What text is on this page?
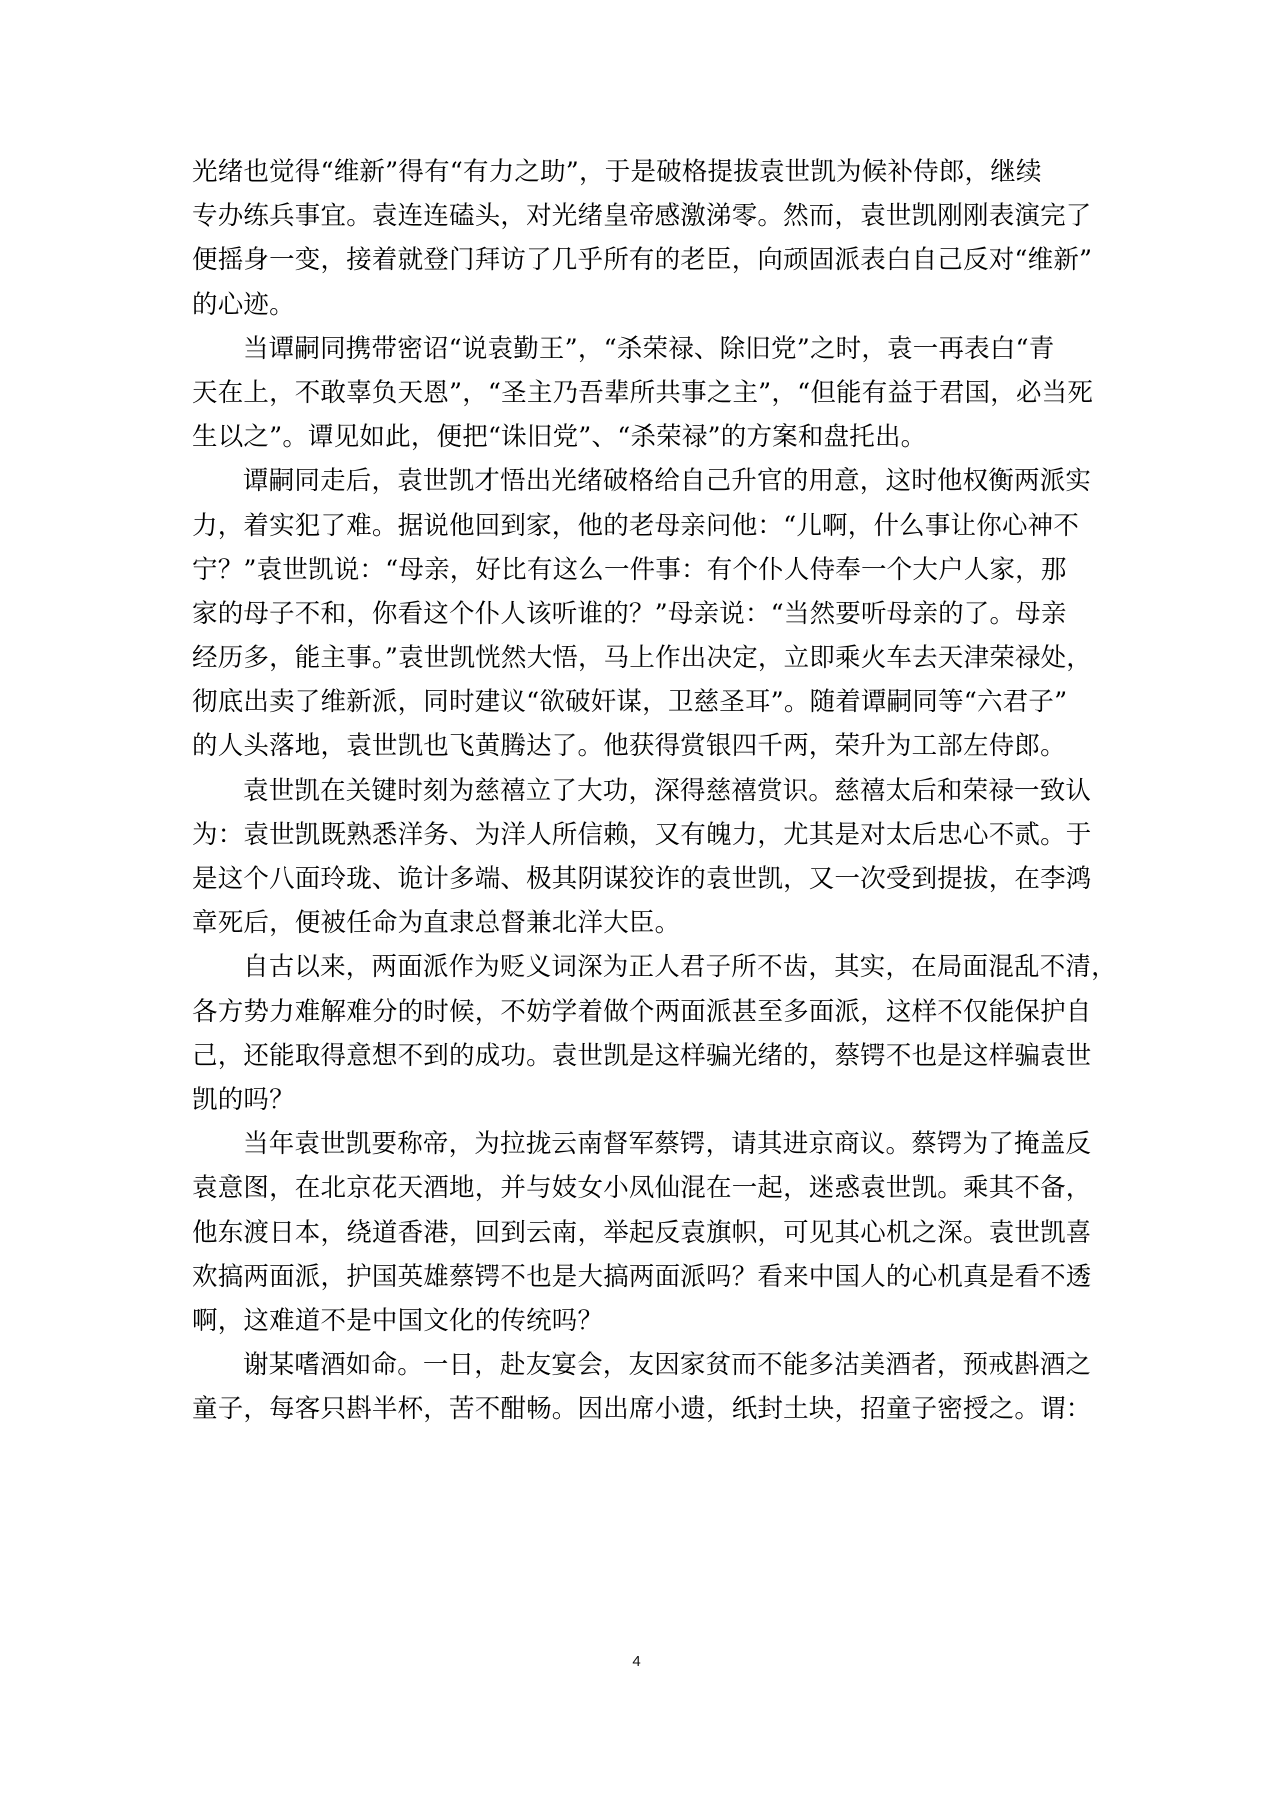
光绪也觉得“维新”得有“有力之助”，于是破格提拔袁世凯为候补侍郎，继续
专办练兵事宜。袁连连磕头，对光绪皇帝感激涕零。然而，袁世凯刚刚表演完了
便摇身一变，接着就登门拜访了几乎所有的老臣，向顽固派表白自己反对“维新”
的心迹。
当谭嗣同携带密诏“说袁勤王”，“杀荣禄、除旧党”之时，袁一再表白“青
天在上，不敢辜负天恩”，“圣主乃吾辈所共事之主”，“但能有益于君国，必当死
生以之”。谭见如此，便把“诛旧党”、“杀荣禄”的方案和盘托出。
谭嗣同走后，袁世凯才悟出光绪破格给自己升官的用意，这时他权衡两派实
力，着实犯了难。据说他回到家，他的老母亲问他：“儿啊，什么事让你心神不
宁？”袁世凯说：“母亲，好比有这么一件事：有个仆人侍奉一个大户人家，那
家的母子不和，你看这个仆人该听谁的？”母亲说：“当然要听母亲的了。母亲
经历多，能主事。”袁世凯恍然大悟，马上作出决定，立即乘火车去天津荣禄处，
彻底出卖了维新派，同时建议“欲破奸谋，卫慈圣耳”。随着谭嗣同等“六君子”
的人头落地，袁世凯也飞黄腾达了。他获得赏银四千两，荣升为工部左侍郎。
袁世凯在关键时刻为慈禧立了大功，深得慈禧赏识。慈禧太后和荣禄一致认
为：袁世凯既熟悉洋务、为洋人所信赖，又有魄力，尤其是对太后忠心不贰。于
是这个八面玲珑、诡计多端、极其阴谋狡诈的袁世凯，又一次受到提拔，在李鸿
章死后，便被任命为直隶总督兼北洋大臣。
自古以来，两面派作为贬义词深为正人君子所不齿，其实，在局面混乱不清，
各方势力难解难分的时候，不妨学着做个两面派甚至多面派，这样不仅能保护自
己，还能取得意想不到的成功。袁世凯是这样骗光绪的，蔡锷不也是这样骗袁世
凯的吗？
当年袁世凯要称帝，为拉拢云南督军蔡锷，请其进京商议。蔡锷为了掩盖反
袁意图，在北京花天酒地，并与妓女小凤仙混在一起，迷惑袁世凯。乘其不备，
他东渡日本，绕道香港，回到云南，举起反袁旗帜，可见其心机之深。袁世凯喜
欢搞两面派，护国英雄蔡锷不也是大搞两面派吗？看来中国人的心机真是看不透
啊，这难道不是中国文化的传统吗？
谢某嗜酒如命。一日，赴友宴会，友因家贫而不能多沽美酒者，预戒斟酒之
童子，每客只斟半杯，苦不酣畅。因出席小遗，纸封土块，招童子密授之。谓：
4
